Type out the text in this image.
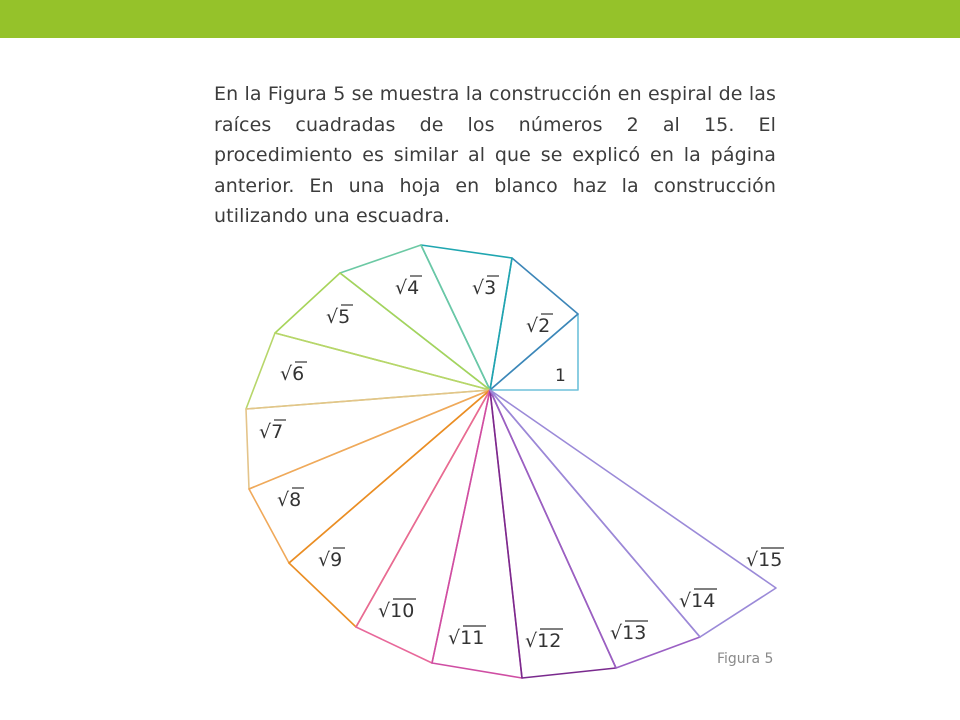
En la Figura 5 se muestra la construcción en espiral de las raíces cuadradas de los números 2 al 15. El procedimiento es similar al que se explicó en la página anterior. En una hoja en blanco haz la construcción utilizando una escuadra.

√2
√3
√4
√5
√6
√7
√8
√9
√10
√11 √12	√13
√14
√15
1
Figura 5
